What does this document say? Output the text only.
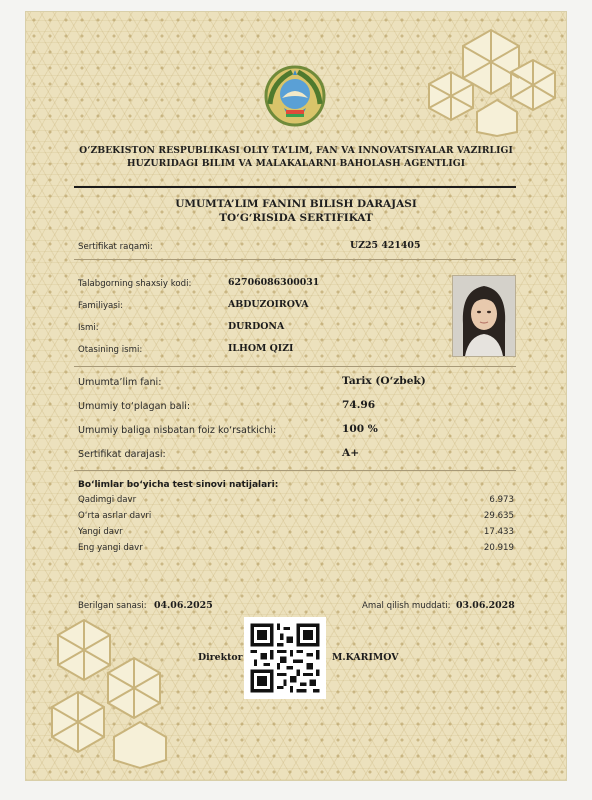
O‘ZBEKISTON RESPUBLIKASI OLIY TA’LIM, FAN VA INNOVATSIYALAR VAZIRLIGI
HUZURIDAGI BILIM VA MALAKALARNI BAHOLASH AGENTLIGI
UMUMTA’LIM FANINI BILISH DARAJASI
TO‘G‘RISIDA SERTIFIKAT
Sertifikat raqami:	UZ25 421405
Talabgorning shaxsiy kodi:	62706086300031
Familiyasi:	ABDUZOIROVA
Ismi:	DURDONA
Otasining ismi:	ILHOM QIZI
Umumta’lim fani:	Tarix (O‘zbek)
Umumiy to‘plagan bali:	74.96
Umumiy baliga nisbatan foiz ko‘rsatkichi:	100 %
Sertifikat darajasi:	A+
Bo‘limlar bo‘yicha test sinovi natijalari:
Qadimgi davr	6.973
O‘rta asrlar davri	29.635
Yangi davr	17.433
Eng yangi davr	20.919
Berilgan sanasi: 04.06.2025	Amal qilish muddati: 03.06.2028
Direktor	M.KARIMOV
